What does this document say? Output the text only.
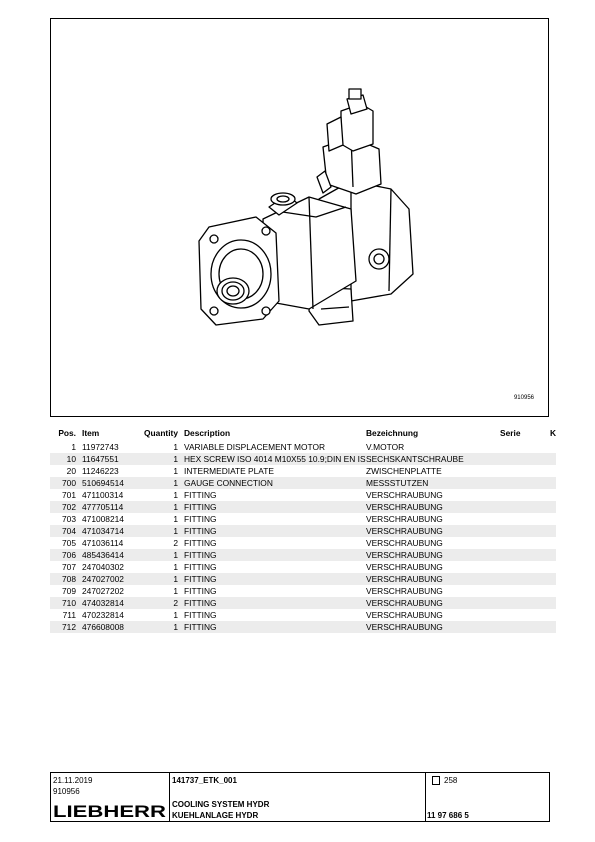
910956
Pos.	Item	Quantity	Description	Bezeichnung	Serie	K
1	11972743	1	VARIABLE DISPLACEMENT MOTOR	V.MOTOR		
10	11647551	1	HEX SCREW ISO 4014 M10X55 10.9;DIN EN IS	SECHSKANTSCHRAUBE		
20	11246223	1	INTERMEDIATE PLATE	ZWISCHENPLATTE		
700	510694514	1	GAUGE CONNECTION	MESSSTUTZEN		
701	471100314	1	FITTING	VERSCHRAUBUNG		
702	477705114	1	FITTING	VERSCHRAUBUNG		
703	471008214	1	FITTING	VERSCHRAUBUNG		
704	471034714	1	FITTING	VERSCHRAUBUNG		
705	471036114	2	FITTING	VERSCHRAUBUNG		
706	485436414	1	FITTING	VERSCHRAUBUNG		
707	247040302	1	FITTING	VERSCHRAUBUNG		
708	247027002	1	FITTING	VERSCHRAUBUNG		
709	247027202	1	FITTING	VERSCHRAUBUNG		
710	474032814	2	FITTING	VERSCHRAUBUNG		
711	470232814	1	FITTING	VERSCHRAUBUNG		
712	476608008	1	FITTING	VERSCHRAUBUNG		
21.11.2019
910956
LIEBHERR
141737_ETK_001
COOLING SYSTEM HYDR
KUEHLANLAGE HYDR
258
11 97 686 5
